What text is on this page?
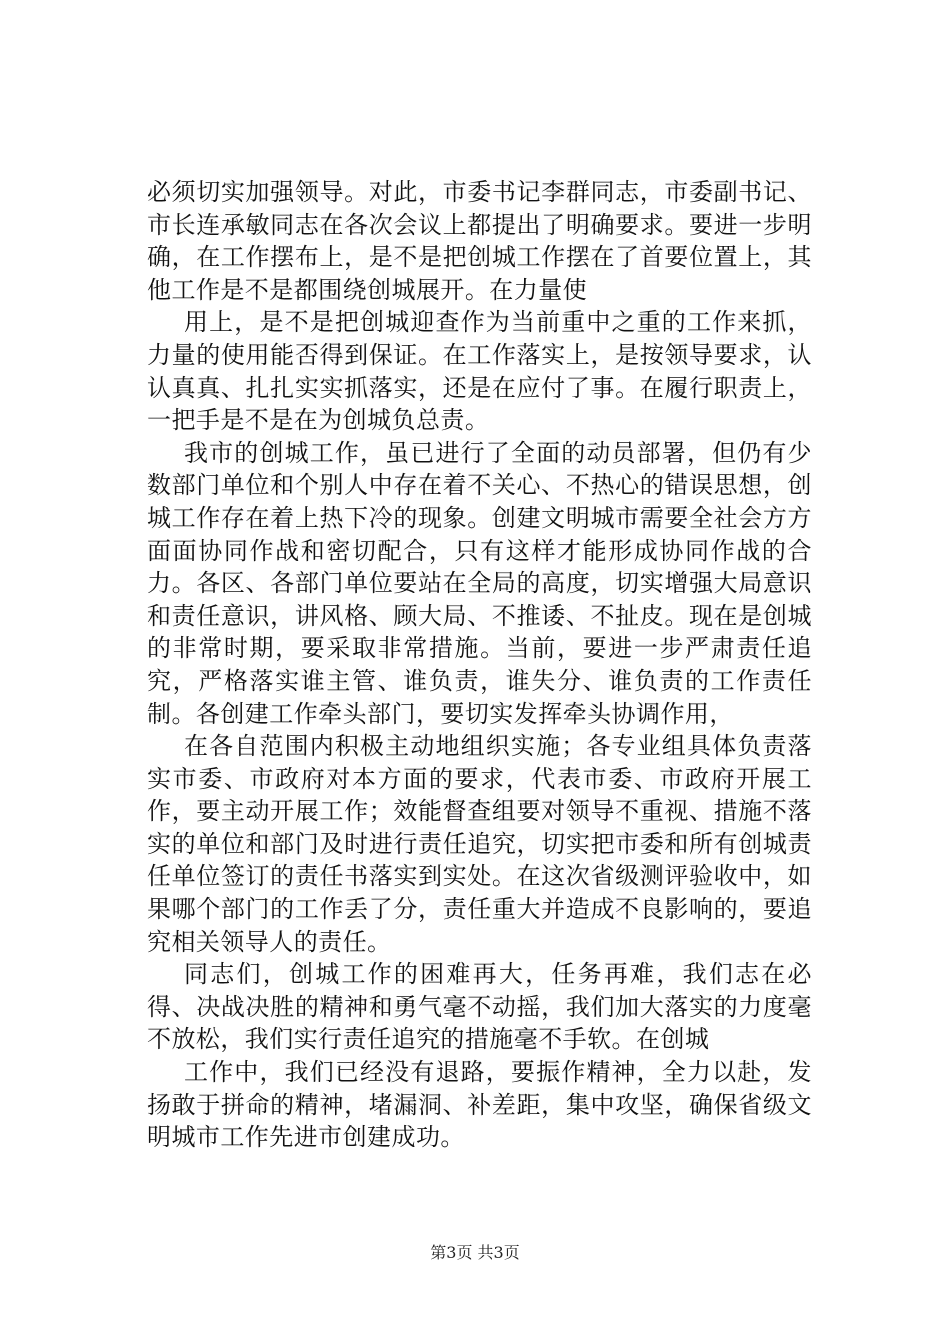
必须切实加强领导。对此，市委书记李群同志，市委副书记、市长连承敏同志在各次会议上都提出了明确要求。要进一步明确，在工作摆布上，是不是把创城工作摆在了首要位置上，其他工作是不是都围绕创城展开。在力量使

用上，是不是把创城迎查作为当前重中之重的工作来抓，力量的使用能否得到保证。在工作落实上，是按领导要求，认认真真、扎扎实实抓落实，还是在应付了事。在履行职责上，一把手是不是在为创城负总责。

我市的创城工作，虽已进行了全面的动员部署，但仍有少数部门单位和个别人中存在着不关心、不热心的错误思想，创城工作存在着上热下冷的现象。创建文明城市需要全社会方方面面协同作战和密切配合，只有这样才能形成协同作战的合力。各区、各部门单位要站在全局的高度，切实增强大局意识和责任意识，讲风格、顾大局、不推诿、不扯皮。现在是创城的非常时期，要采取非常措施。当前，要进一步严肃责任追究，严格落实谁主管、谁负责，谁失分、谁负责的工作责任制。各创建工作牵头部门，要切实发挥牵头协调作用，

在各自范围内积极主动地组织实施；各专业组具体负责落实市委、市政府对本方面的要求，代表市委、市政府开展工作，要主动开展工作；效能督查组要对领导不重视、措施不落实的单位和部门及时进行责任追究，切实把市委和所有创城责任单位签订的责任书落实到实处。在这次省级测评验收中，如果哪个部门的工作丢了分，责任重大并造成不良影响的，要追究相关领导人的责任。

同志们，创城工作的困难再大，任务再难，我们志在必得、决战决胜的精神和勇气毫不动摇，我们加大落实的力度毫不放松，我们实行责任追究的措施毫不手软。在创城

工作中，我们已经没有退路，要振作精神，全力以赴，发扬敢于拼命的精神，堵漏洞、补差距，集中攻坚，确保省级文明城市工作先进市创建成功。

第3页 共3页
